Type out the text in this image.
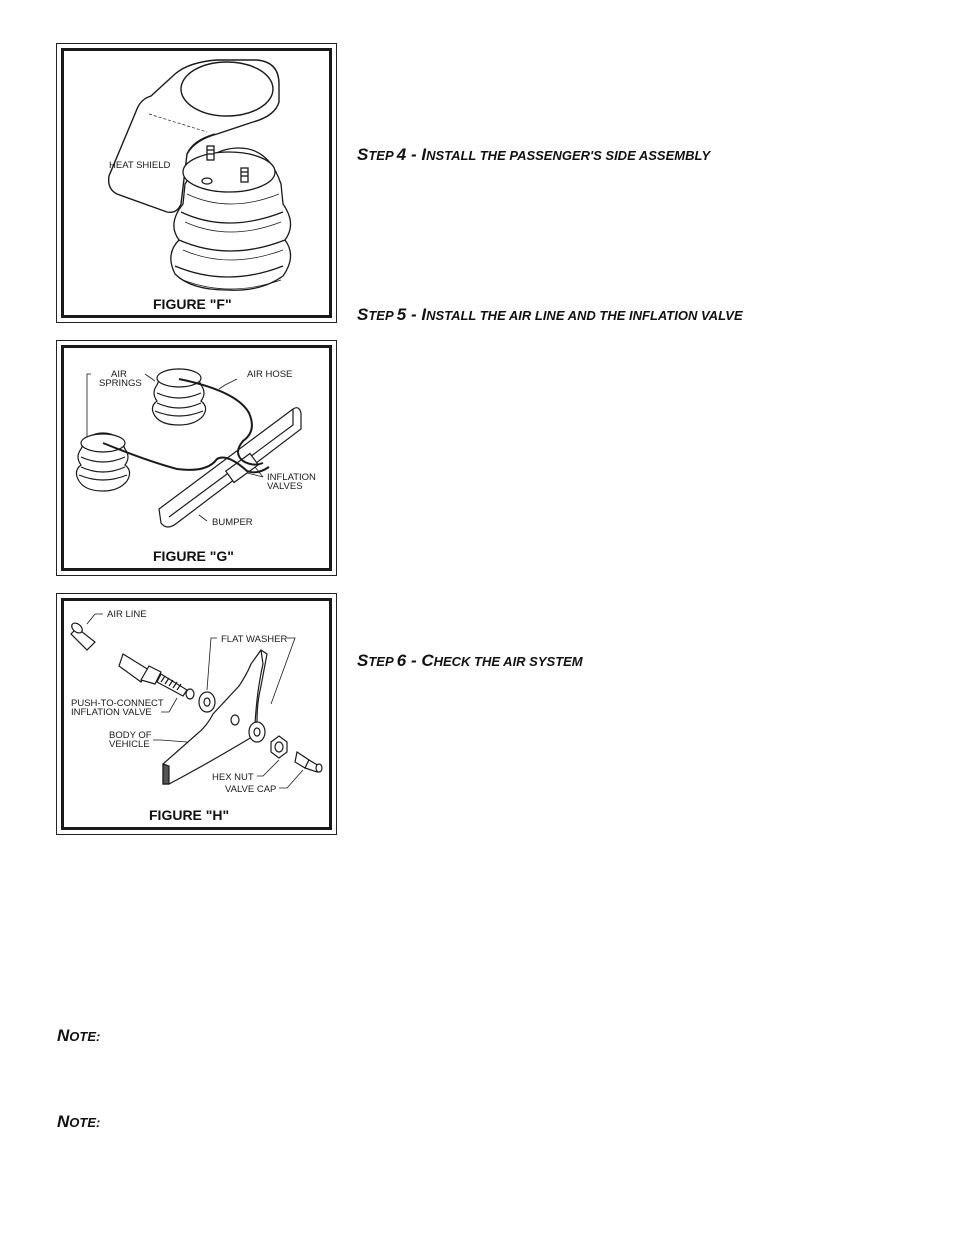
HEAT SHIELD
FIGURE "F"
AIR
SPRINGS
AIR HOSE
INFLATION
VALVES
BUMPER
FIGURE "G"
AIR LINE
FLAT WASHER
PUSH-TO-CONNECT
INFLATION VALVE
BODY OF
VEHICLE
HEX NUT
VALVE CAP
FIGURE "H"
STEP 4 - INSTALL THE PASSENGER'S SIDE ASSEMBLY
STEP 5 - INSTALL THE AIR LINE AND THE INFLATION VALVE
STEP 6 - CHECK THE AIR SYSTEM
NOTE:
NOTE:
